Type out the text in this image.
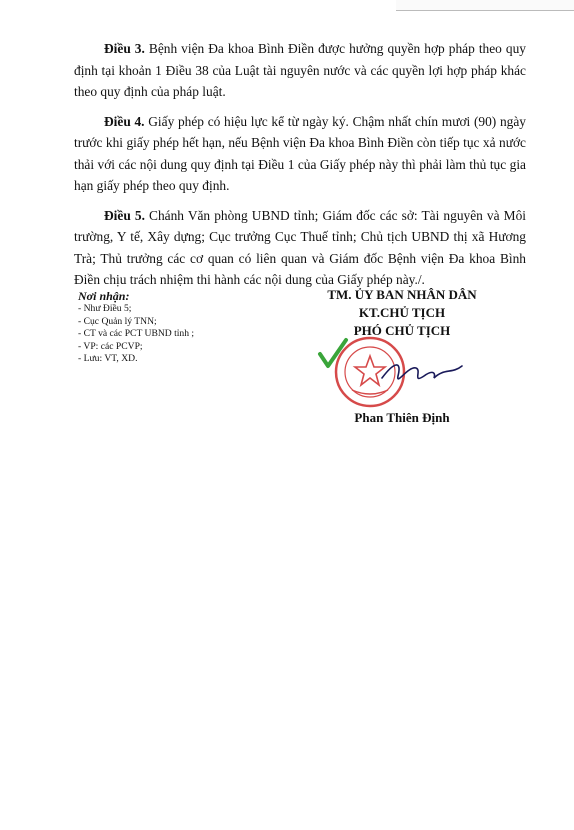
Điều 3. Bệnh viện Đa khoa Bình Điền được hưởng quyền hợp pháp theo quy định tại khoản 1 Điều 38 của Luật tài nguyên nước và các quyền lợi hợp pháp khác theo quy định của pháp luật.

Điều 4. Giấy phép có hiệu lực kể từ ngày ký. Chậm nhất chín mươi (90) ngày trước khi giấy phép hết hạn, nếu Bệnh viện Đa khoa Bình Điền còn tiếp tục xả nước thải với các nội dung quy định tại Điều 1 của Giấy phép này thì phải làm thủ tục gia hạn giấy phép theo quy định.

Điều 5. Chánh Văn phòng UBND tỉnh; Giám đốc các sở: Tài nguyên và Môi trường, Y tế, Xây dựng; Cục trưởng Cục Thuế tỉnh; Chủ tịch UBND thị xã Hương Trà; Thủ trưởng các cơ quan có liên quan và Giám đốc Bệnh viện Đa khoa Bình Điền chịu trách nhiệm thi hành các nội dung của Giấy phép này./.

Nơi nhận:
- Như Điều 5;
- Cục Quản lý TNN;
- CT và các PCT UBND tỉnh ;
- VP: các PCVP;
- Lưu: VT, XD.
TM. ỦY BAN NHÂN DÂN
KT.CHỦ TỊCH
PHÓ CHỦ TỊCH
Phan Thiên Định
